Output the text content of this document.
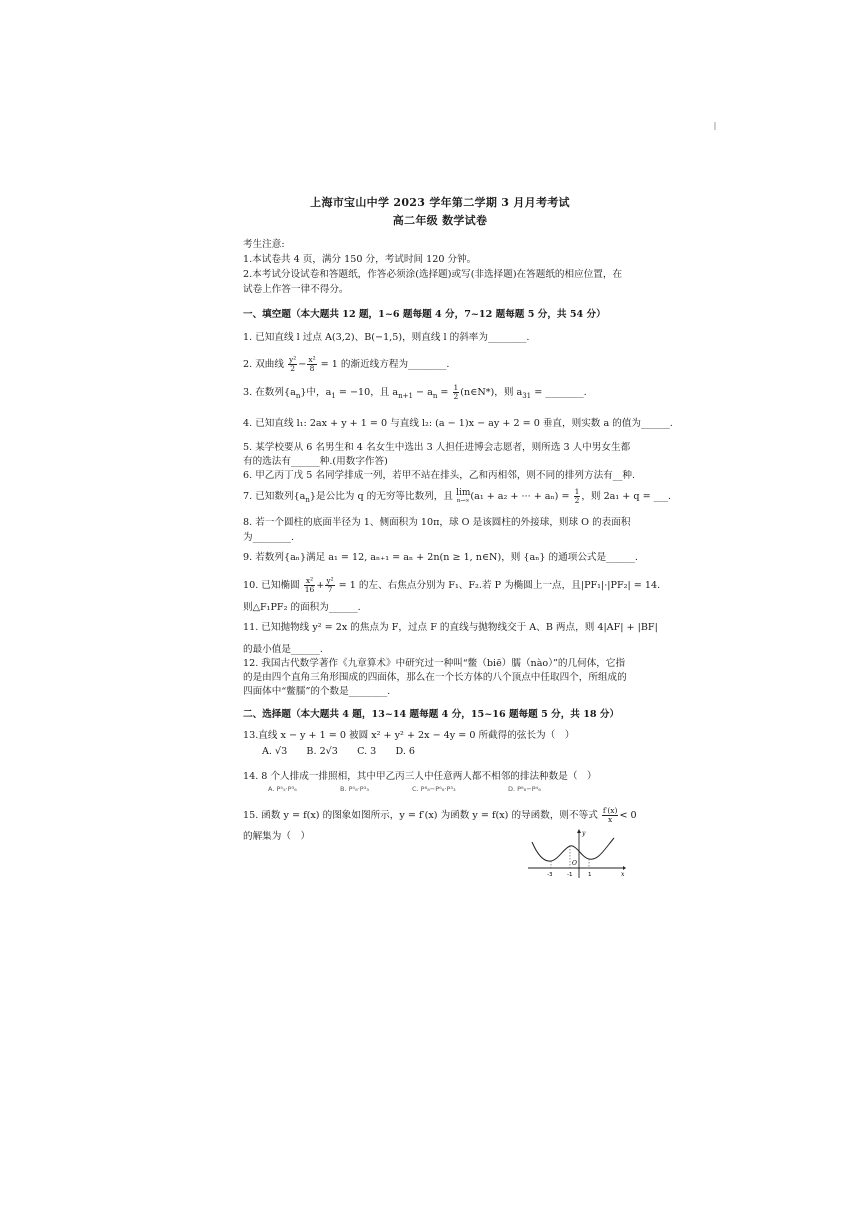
上海市宝山中学 2023 学年第二学期 3 月月考考试
高二年级 数学试卷
考生注意:
1.本试卷共 4 页，满分 150 分，考试时间 120 分钟。
2.本考试分设试卷和答题纸，作答必须涂(选择题)或写(非选择题)在答题纸的相应位置，在
试卷上作答一律不得分。
一、填空题（本大题共 12 题，1~6 题每题 4 分，7~12 题每题 5 分，共 54 分）
1. 已知直线 l 过点 A(3,2)、B(−1,5)，则直线 l 的斜率为________.
2. 双曲线 $\frac{\text{y²}}{2} - \frac{\text{x²}}{8} = 1$ 的渐近线方程为________.
3. 在数列$\{a_n\}$中，$a_1 = -10$，且 $a_{n+1} - a_n = \frac{1}{2}$ (n∈N*)，则 $a_{31}$ = ________.
4. 已知直线 l₁: 2ax + y + 1 = 0 与直线 l₂: (a − 1)x − ay + 2 = 0 垂直，则实数 a 的值为______.
5. 某学校要从 6 名男生和 4 名女生中选出 3 人担任进博会志愿者，则所选 3 人中男女生都
有的选法有______种.(用数字作答)
6. 甲乙丙丁戊 5 名同学排成一列，若甲不站在排头，乙和丙相邻，则不同的排列方法有__种.
7. 已知数列$\{a_n\}$是公比为 q 的无穷等比数列，且 lim
n→∞ (a₁ + a₂ + ··· + $a_n) = \frac{1}{2}$ ，则 2a₁ + q = ___.
8. 若一个圆柱的底面半径为 1、侧面积为 10π，球 O 是该圆柱的外接球，则球 O 的表面积
为________.
9. 若数列{aₙ}满足 a₁ = 12, aₙ₊₁ = aₙ + 2n(n ≥ 1, n∈N)，则 {aₙ} 的通项公式是______.
10. 已知椭圆 $\frac{\text{x²}}{16} + \frac{\text{y²}}{7} = 1$ 的左、右焦点分别为 F₁、F₂.若 P 为椭圆上一点，且|PF₁|·|PF₂| = 14.
则△F₁PF₂ 的面积为______.
11. 已知抛物线 y² = 2x 的焦点为 F，过点 F 的直线与抛物线交于 A、B 两点，则 4|AF| + |BF|
的最小值是______.
12. 我国古代数学著作《九章算术》中研究过一种叫“鳖（biē）臑（nào）”的几何体，它指
的是由四个直角三角形围成的四面体，那么在一个长方体的八个顶点中任取四个，所组成的
四面体中“鳖臑”的个数是________.
二、选择题（本大题共 4 题，13~14 题每题 4 分，15~16 题每题 5 分，共 18 分）
13.直线 x − y + 1 = 0 被圆 x² + y² + 2x − 4y = 0 所截得的弦长为（　）
A. √3　　B. 2√3　　C. 3　　D. 6
14. 8 个人排成一排照相，其中甲乙丙三人中任意两人都不相邻的排法种数是（　）
A. P⁵₅·P³₆	B. P⁵₈·P³₃	C. P⁸₈−P⁶₆·P³₃	D. P⁸₈−P⁴₆
15. 函数 y = f(x) 的图象如图所示，y = f′(x) 为函数 y = f(x) 的导函数，则不等式 $\frac{f'(x)}{x} < 0$
的解集为（　）	y
x
O
-3	-1	1
